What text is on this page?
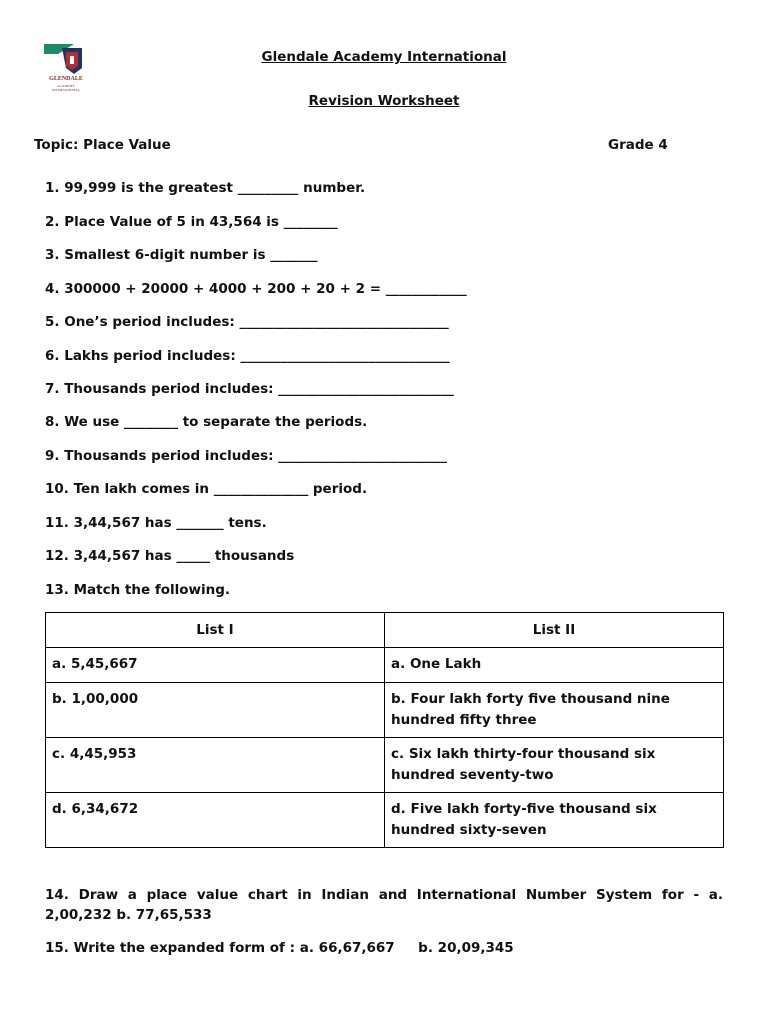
GLENDALE
ACADEMY INTERNATIONAL
Glendale Academy International
Revision Worksheet
Topic: Place Value	Grade 4
1. 99,999 is the greatest _________ number.
2. Place Value of 5 in 43,564 is ________
3. Smallest 6-digit number is _______
4. 300000 + 20000 + 4000 + 200 + 20 + 2 = ____________
5. One’s period includes: _______________________________
6. Lakhs period includes: _______________________________
7. Thousands period includes: __________________________
8. We use ________ to separate the periods.
9. Thousands period includes: _________________________
10. Ten lakh comes in ______________ period.
11. 3,44,567 has _______ tens.
12. 3,44,567 has _____ thousands
13. Match the following.
List I	List II
a. 5,45,667	a. One Lakh
b. 1,00,000	b. Four lakh forty five thousand nine hundred fifty three
c. 4,45,953	c. Six lakh thirty-four thousand six hundred seventy-two
d. 6,34,672	d. Five lakh forty-five thousand six hundred sixty-seven
14. Draw a place value chart in Indian and International Number System for - a. 2,00,232 b. 77,65,533
15. Write the expanded form of : a. 66,67,667     b. 20,09,345
